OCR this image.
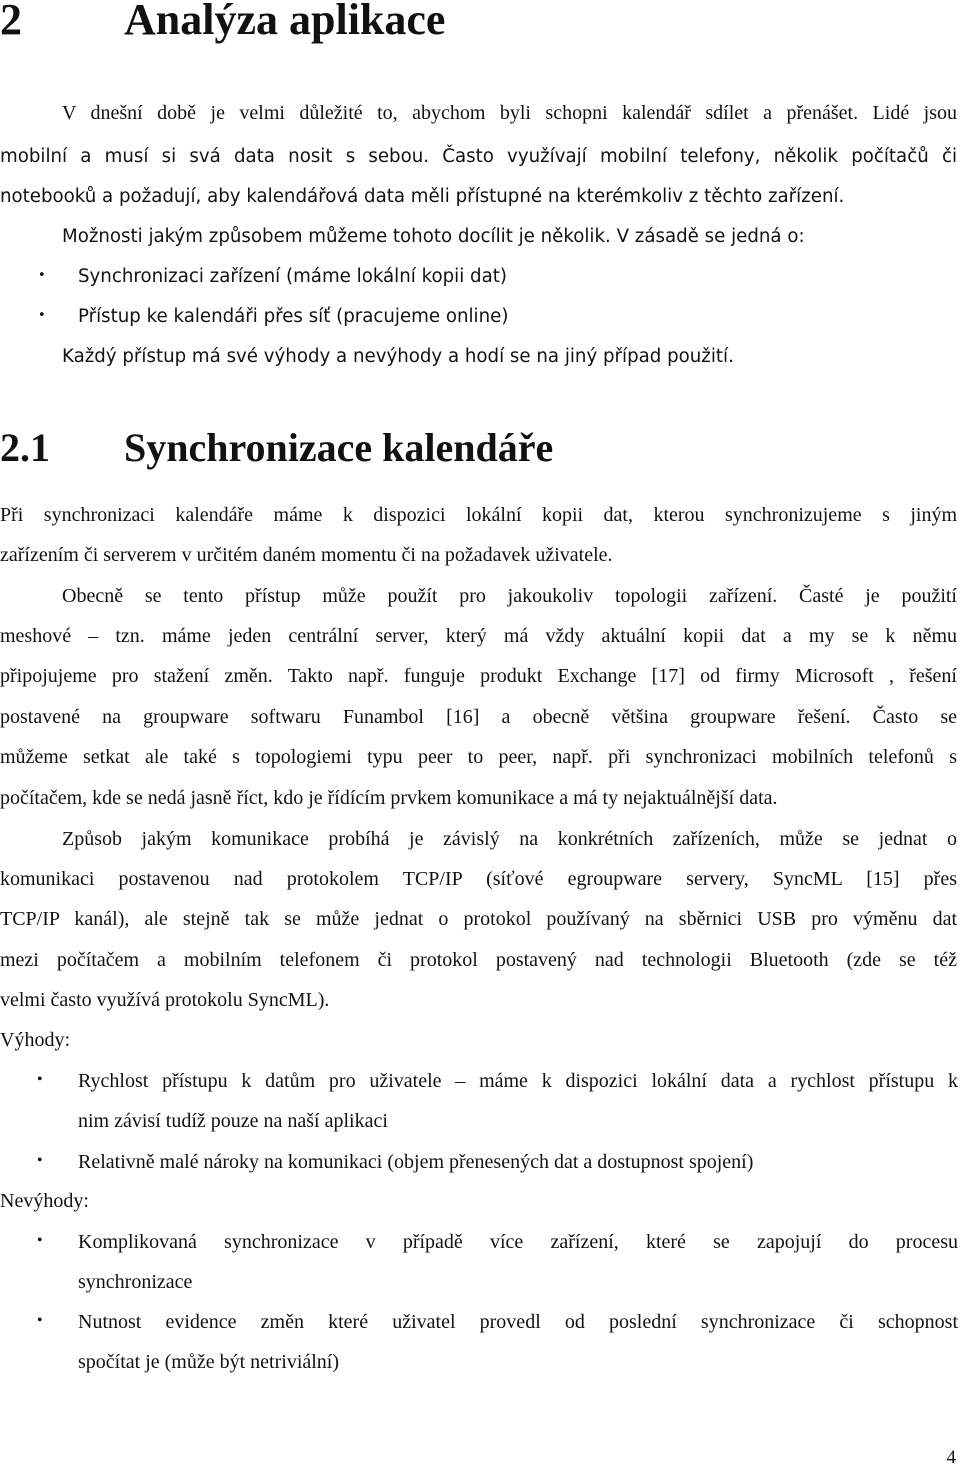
2 Analýza aplikace
V dnešní době je velmi důležité to, abychom byli schopni kalendář sdílet a přenášet. Lidé jsou
mobilní a musí si svá data nosit s sebou. Často využívají mobilní telefony, několik počítačů či
notebooků a požadují, aby kalendářová data měli přístupné na kterémkoliv z těchto zařízení.
Možnosti jakým způsobem můžeme tohoto docílit je několik. V zásadě se jedná o:
• Synchronizaci zařízení (máme lokální kopii dat)
• Přístup ke kalendáři přes síť (pracujeme online)
Každý přístup má své výhody a nevýhody a hodí se na jiný případ použití.
2.1 Synchronizace kalendáře
Při synchronizaci kalendáře máme k dispozici lokální kopii dat, kterou synchronizujeme s jiným
zařízením či serverem v určitém daném momentu či na požadavek uživatele.
Obecně se tento přístup může použít pro jakoukoliv topologii zařízení. Časté je použití
meshové – tzn. máme jeden centrální server, který má vždy aktuální kopii dat a my se k němu
připojujeme pro stažení změn. Takto např. funguje produkt Exchange [17] od firmy Microsoft , řešení
postavené na groupware softwaru Funambol [16] a obecně většina groupware řešení. Často se
můžeme setkat ale také s topologiemi typu peer to peer, např. při synchronizaci mobilních telefonů s
počítačem, kde se nedá jasně říct, kdo je řídícím prvkem komunikace a má ty nejaktuálnější data.
Způsob jakým komunikace probíhá je závislý na konkrétních zařízeních, může se jednat o
komunikaci postavenou nad protokolem TCP/IP (síťové egroupware servery, SyncML [15] přes
TCP/IP kanál), ale stejně tak se může jednat o protokol používaný na sběrnici USB pro výměnu dat
mezi počítačem a mobilním telefonem či protokol postavený nad technologii Bluetooth (zde se též
velmi často využívá protokolu SyncML).
Výhody:
• Rychlost přístupu k datům pro uživatele – máme k dispozici lokální data a rychlost přístupu k
nim závisí tudíž pouze na naší aplikaci
• Relativně malé nároky na komunikaci (objem přenesených dat a dostupnost spojení)
Nevýhody:
• Komplikovaná synchronizace v případě více zařízení, které se zapojují do procesu
synchronizace
• Nutnost evidence změn které uživatel provedl od poslední synchronizace či schopnost
spočítat je (může být netriviální)
4
